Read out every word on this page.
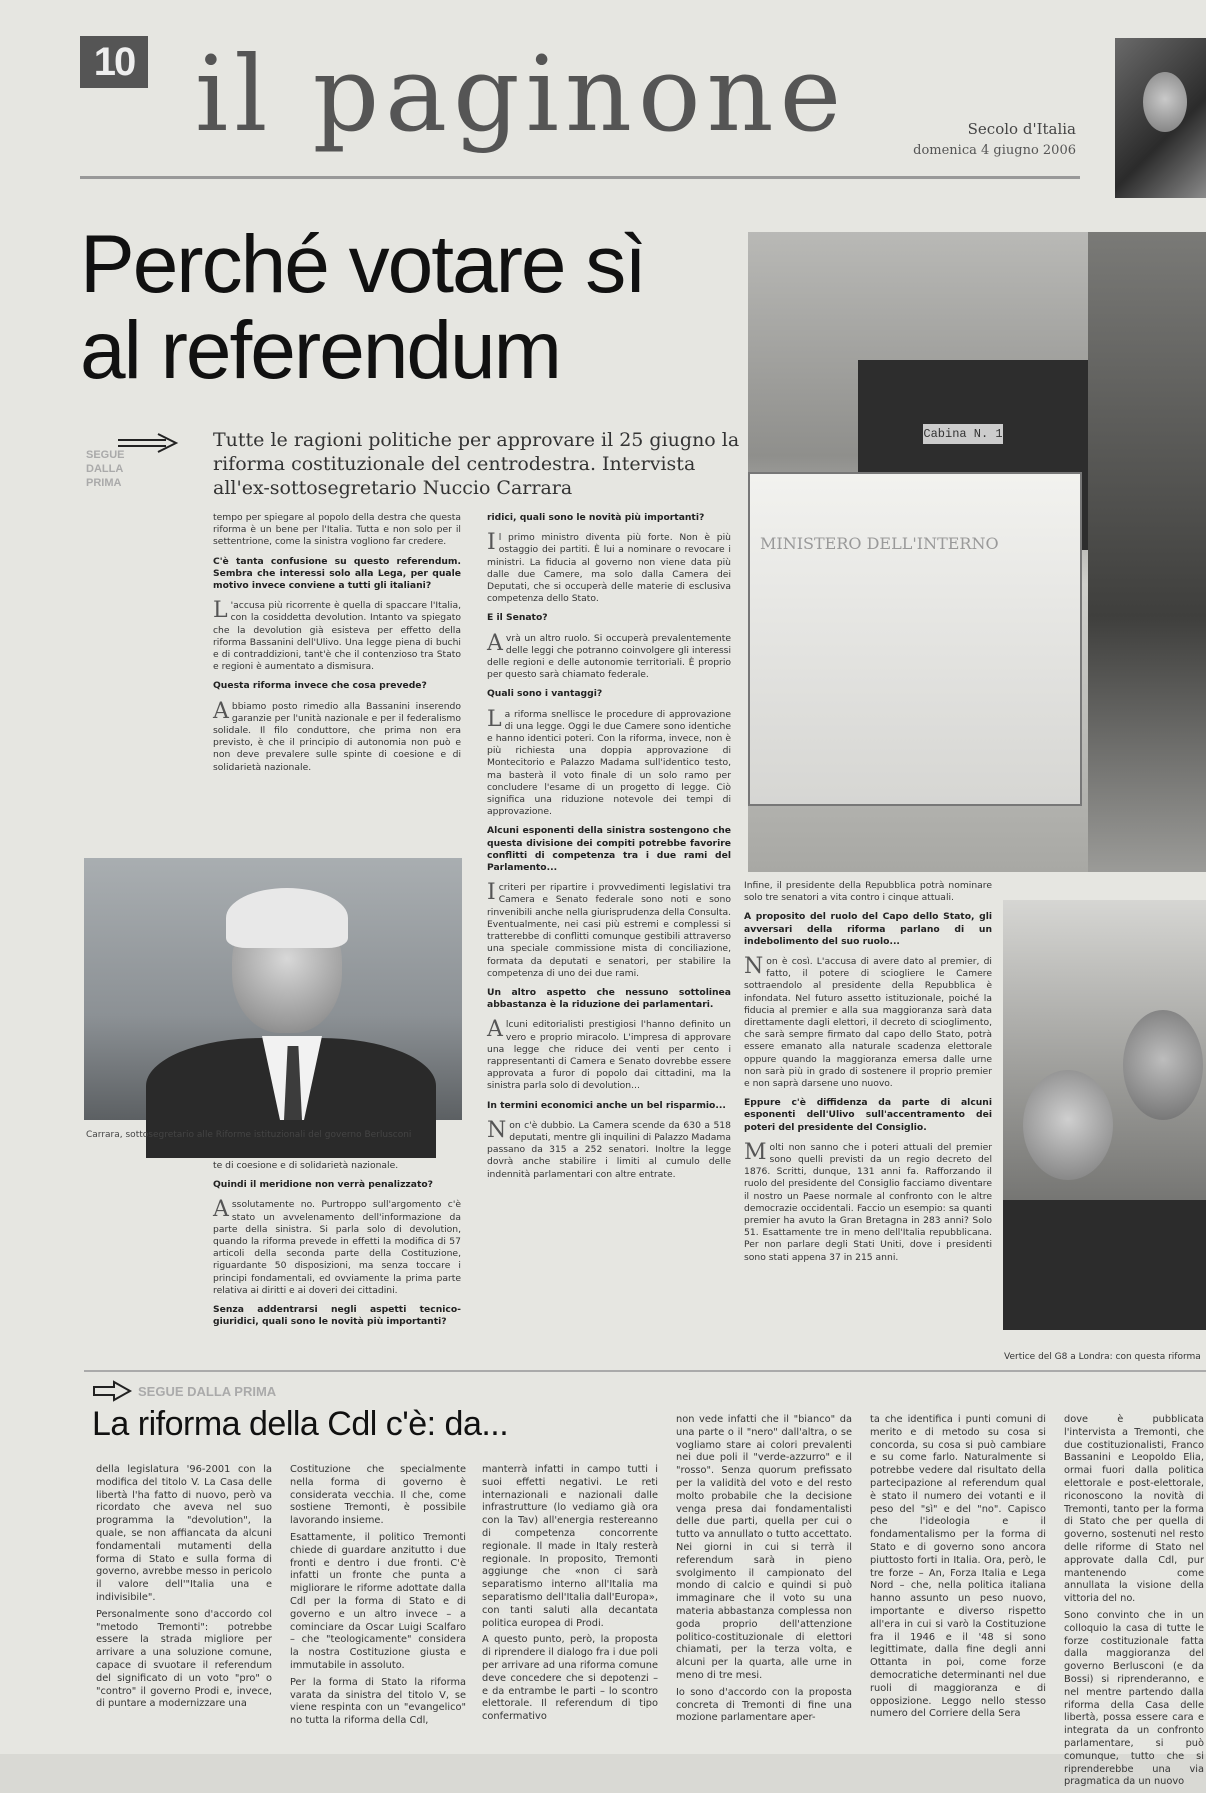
10 il paginone	Secolo d'Italia
domenica 4 giugno 2006
Perché votare sì
al referendum
SEGUE DALLA PRIMA
Tutte le ragioni politiche per approvare il 25 giugno la riforma costituzionale del centrodestra. Intervista all'ex-sottosegretario Nuccio Carrara

tempo per spiegare al popolo della destra che questa riforma è un bene per l'Italia. Tutta e non solo per il settentrione, come la sinistra vogliono far credere.

C'è tanta confusione su questo referendum. Sembra che interessi solo alla Lega, per quale motivo invece conviene a tutti gli italiani?

L 'accusa più ricorrente è quella di spaccare l'Italia, con la cosiddetta devolution. Intanto va spiegato che la devolution già esisteva per effetto della riforma Bassanini dell'Ulivo. Una legge piena di buchi e di contraddizioni, tant'è che il contenzioso tra Stato e regioni è aumentato a dismisura.

Questa riforma invece che cosa prevede?

Abbiamo posto rimedio alla Bassanini inserendo garanzie per l'unità nazionale e per il federalismo solidale. Il filo conduttore, che prima non era previsto, è che il principio di autonomia non può e non deve prevalere sulle spinte di coesione e di solidarietà nazionale.

ridici, quali sono le novità più importanti?

Il primo ministro diventa più forte. Non è più ostaggio dei partiti. È lui a nominare o revocare i ministri. La fiducia al governo non viene data più dalle due Camere, ma solo dalla Camera dei Deputati, che si occuperà delle materie di esclusiva competenza dello Stato.

E il Senato?

Avrà un altro ruolo. Si occuperà prevalentemente delle leggi che potranno coinvolgere gli interessi delle regioni e delle autonomie territoriali. È proprio per questo sarà chiamato federale.

Quali sono i vantaggi?

La riforma snellisce le procedure di approvazione di una legge. Oggi le due Camere sono identiche e hanno identici poteri. Con la riforma, invece, non è più richiesta una doppia approvazione di Montecitorio e Palazzo Madama sull'identico testo, ma basterà il voto finale di un solo ramo per concludere l'esame di un progetto di legge. Ciò significa una riduzione notevole dei tempi di approvazione.

Alcuni esponenti della sinistra sostengono che questa divisione dei compiti potrebbe favorire conflitti di competenza tra i due rami del Parlamento...

I criteri per ripartire i provvedimenti legislativi tra Camera e Senato federale sono noti e sono rinvenibili anche nella giurisprudenza della Consulta. Eventualmente, nei casi più estremi e complessi si tratterebbe di conflitti comunque gestibili attraverso una speciale commissione mista di conciliazione, formata da deputati e senatori, per stabilire la competenza di uno dei due rami.

Un altro aspetto che nessuno sottolinea abbastanza è la riduzione dei parlamentari.

Alcuni editorialisti prestigiosi l'hanno definito un vero e proprio miracolo. L'impresa di approvare una legge che riduce dei venti per cento i rappresentanti di Camera e Senato dovrebbe essere approvata a furor di popolo dai cittadini, ma la sinistra parla solo di devolution...

In termini economici anche un bel risparmio...

Non c'è dubbio. La Camera scende da 630 a 518 deputati, mentre gli inquilini di Palazzo Madama passano da 315 a 252 senatori. Inoltre la legge dovrà anche stabilire i limiti al cumulo delle indennità parlamentari con altre entrate.

te di coesione e di solidarietà nazionale.

Quindi il meridione non verrà penalizzato?

Assolutamente no. Purtroppo sull'argomento c'è stato un avvelenamento dell'informazione da parte della sinistra. Si parla solo di devolution, quando la riforma prevede in effetti la modifica di 57 articoli della seconda parte della Costituzione, riguardante 50 disposizioni, ma senza toccare i principi fondamentali, ed ovviamente la prima parte relativa ai diritti e ai doveri dei cittadini.

Senza addentrarsi negli aspetti tecnico-giuridici, quali sono le novità più importanti?

Infine, il presidente della Repubblica potrà nominare solo tre senatori a vita contro i cinque attuali.

A proposito del ruolo del Capo dello Stato, gli avversari della riforma parlano di un indebolimento del suo ruolo...

Non è così. L'accusa di avere dato al premier, di fatto, il potere di sciogliere le Camere sottraendolo al presidente della Repubblica è infondata. Nel futuro assetto istituzionale, poiché la fiducia al premier e alla sua maggioranza sarà data direttamente dagli elettori, il decreto di scioglimento, che sarà sempre firmato dal capo dello Stato, potrà essere emanato alla naturale scadenza elettorale oppure quando la maggioranza emersa dalle urne non sarà più in grado di sostenere il proprio premier e non saprà darsene uno nuovo.

Eppure c'è diffidenza da parte di alcuni esponenti dell'Ulivo sull'accentramento dei poteri del presidente del Consiglio.

Molti non sanno che i poteri attuali del premier sono quelli previsti da un regio decreto del 1876. Scritti, dunque, 131 anni fa. Rafforzando il ruolo del presidente del Consiglio facciamo diventare il nostro un Paese normale al confronto con le altre democrazie occidentali. Faccio un esempio: sa quanti premier ha avuto la Gran Bretagna in 283 anni? Solo 51. Esattamente tre in meno dell'Italia repubblicana. Per non parlare degli Stati Uniti, dove i presidenti sono stati appena 37 in 215 anni.

Cabina N. 1
MINISTERO DELL'INTERNO
Carrara, sottosegretario alle Riforme istituzionali del governo Berlusconi
Vertice del G8 a Londra: con questa riforma
SEGUE DALLA PRIMA
La riforma della Cdl c'è: da...

della legislatura '96-2001 con la modifica del titolo V. La Casa delle libertà l'ha fatto di nuovo, però va ricordato che aveva nel suo programma la "devolution", la quale, se non affiancata da alcuni fondamentali mutamenti della forma di Stato e sulla forma di governo, avrebbe messo in pericolo il valore dell'"Italia una e indivisibile".

Personalmente sono d'accordo col "metodo Tremonti": potrebbe essere la strada migliore per arrivare a una soluzione comune, capace di svuotare il referendum del significato di un voto "pro" o "contro" il governo Prodi e, invece, di puntare a modernizzare una

Costituzione che specialmente nella forma di governo è considerata vecchia. Il che, come sostiene Tremonti, è possibile lavorando insieme.

Esattamente, il politico Tremonti chiede di guardare anzitutto i due fronti e dentro i due fronti. C'è infatti un fronte che punta a migliorare le riforme adottate dalla Cdl per la forma di Stato e di governo e un altro invece – a cominciare da Oscar Luigi Scalfaro – che "teologicamente" considera la nostra Costituzione giusta e immutabile in assoluto.

Per la forma di Stato la riforma varata da sinistra del titolo V, se viene respinta con un "evangelico" no tutta la riforma della Cdl,

manterrà infatti in campo tutti i suoi effetti negativi. Le reti internazionali e nazionali dalle infrastrutture (lo vediamo già ora con la Tav) all'energia restereanno di competenza concorrente regionale. Il made in Italy resterà regionale. In proposito, Tremonti aggiunge che «non ci sarà separatismo interno all'Italia ma separatismo dell'Italia dall'Europa», con tanti saluti alla decantata politica europea di Prodi.

A questo punto, però, la proposta di riprendere il dialogo fra i due poli per arrivare ad una riforma comune deve concedere che si depotenzi – e da entrambe le parti – lo scontro elettorale. Il referendum di tipo confermativo

non vede infatti che il "bianco" da una parte o il "nero" dall'altra, o se vogliamo stare ai colori prevalenti nei due poli il "verde-azzurro" e il "rosso". Senza quorum prefissato per la validità del voto e del resto molto probabile che la decisione venga presa dai fondamentalisti delle due parti, quella per cui o tutto va annullato o tutto accettato. Nei giorni in cui si terrà il referendum sarà in pieno svolgimento il campionato del mondo di calcio e quindi si può immaginare che il voto su una materia abbastanza complessa non goda proprio dell'attenzione politico-costituzionale di elettori chiamati, per la terza volta, e alcuni per la quarta, alle urne in meno di tre mesi.

Io sono d'accordo con la proposta concreta di Tremonti di fine una mozione parlamentare aper-

ta che identifica i punti comuni di merito e di metodo su cosa si concorda, su cosa si può cambiare e su come farlo. Naturalmente si potrebbe vedere dal risultato della partecipazione al referendum qual è stato il numero dei votanti e il peso del "sì" e del "no". Capisco che l'ideologia e il fondamentalismo per la forma di Stato e di governo sono ancora piuttosto forti in Italia. Ora, però, le tre forze – An, Forza Italia e Lega Nord – che, nella politica italiana hanno assunto un peso nuovo, importante e diverso rispetto all'era in cui si varò la Costituzione fra il 1946 e il '48 si sono legittimate, dalla fine degli anni Ottanta in poi, come forze democratiche determinanti nel due ruoli di maggioranza e di opposizione. Leggo nello stesso numero del Corriere della Sera

dove è pubblicata l'intervista a Tremonti, che due costituzionalisti, Franco Bassanini e Leopoldo Elia, ormai fuori dalla politica elettorale e post-elettorale, riconoscono la novità di Tremonti, tanto per la forma di Stato che per quella di governo, sostenuti nel resto delle riforme di Stato nel approvate dalla Cdl, pur mantenendo come annullata la visione della vittoria del no.

Sono convinto che in un colloquio la casa di tutte le forze costituzionale fatta dalla maggioranza del governo Berlusconi (e da Bossi) si riprenderanno, e nel mentre partendo dalla riforma della Casa delle libertà, possa essere cara e integrata da un confronto parlamentare, si può comunque, tutto che si riprenderebbe una via pragmatica da un nuovo
